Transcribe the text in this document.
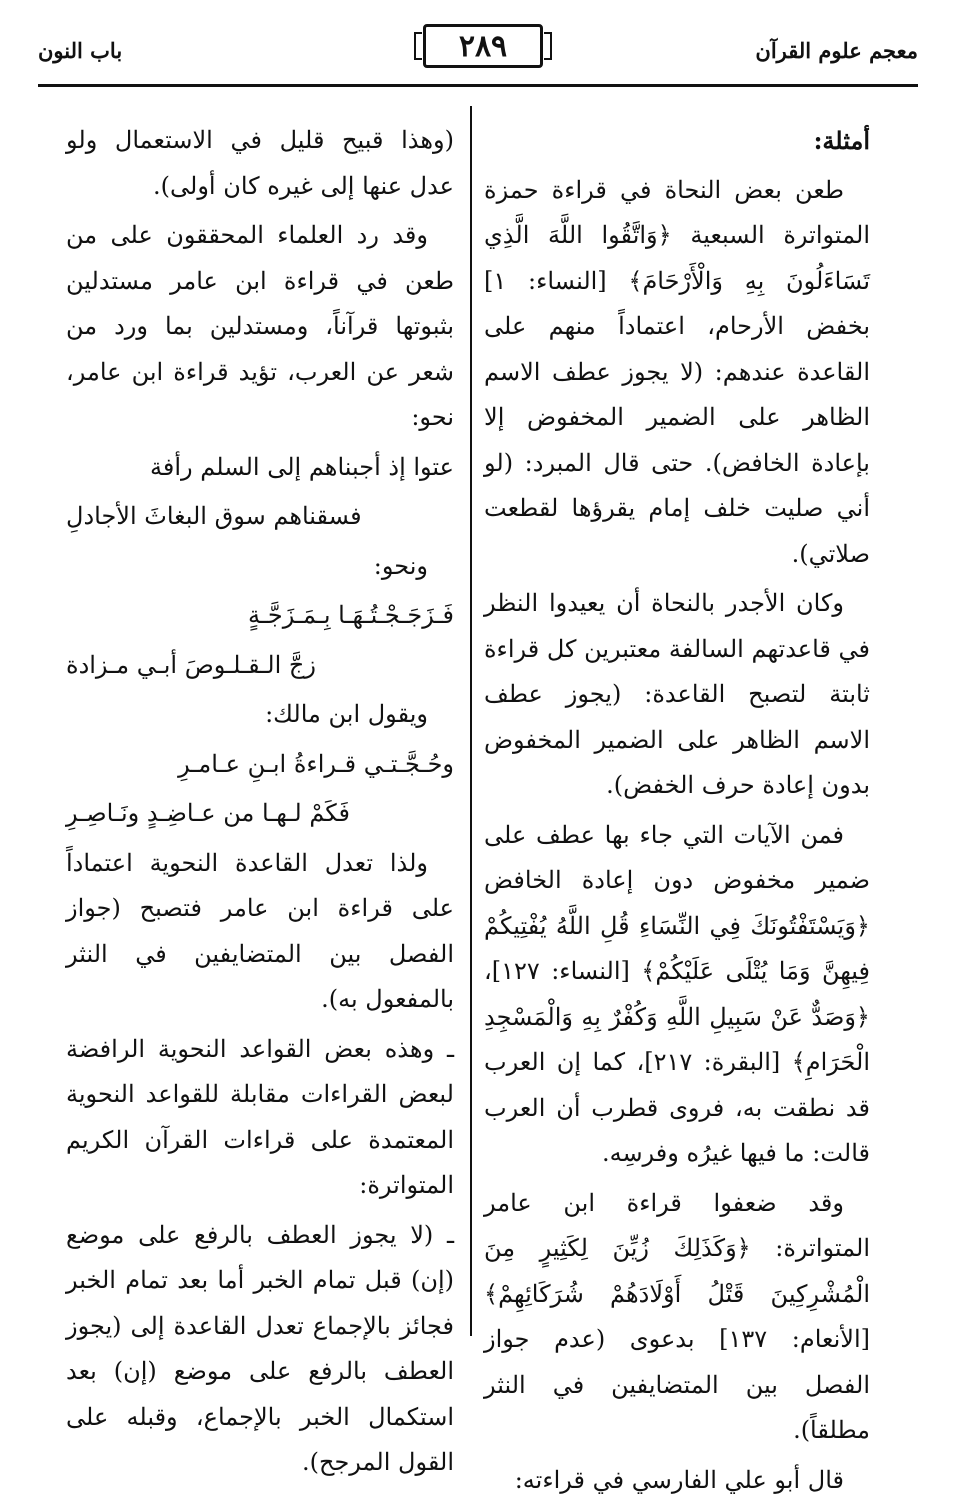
معجم علوم القرآن
٢٨٩
باب النون

أمثلة:

طعن بعض النحاة في قراءة حمزة المتواترة السبعية ﴿وَاتَّقُوا اللَّهَ الَّذِي تَسَاءَلُونَ بِهِ وَالْأَرْحَامَ﴾ [النساء: ١] بخفض الأرحام، اعتماداً منهم على القاعدة عندهم: (لا يجوز عطف الاسم الظاهر على الضمير المخفوض إلا بإعادة الخافض). حتى قال المبرد: (لو أني صليت خلف إمام يقرؤها لقطعت صلاتي).

وكان الأجدر بالنحاة أن يعيدوا النظر في قاعدتهم السالفة معتبرين كل قراءة ثابتة لتصبح القاعدة: (يجوز عطف الاسم الظاهر على الضمير المخفوض بدون إعادة حرف الخفض).

فمن الآيات التي جاء بها عطف على ضمير مخفوض دون إعادة الخافض ﴿وَيَسْتَفْتُونَكَ فِي النِّسَاءِ قُلِ اللَّهُ يُفْتِيكُمْ فِيهِنَّ وَمَا يُتْلَى عَلَيْكُمْ﴾ [النساء: ١٢٧]، ﴿وَصَدٌّ عَنْ سَبِيلِ اللَّهِ وَكُفْرٌ بِهِ وَالْمَسْجِدِ الْحَرَامِ﴾ [البقرة: ٢١٧]، كما إن العرب قد نطقت به، فروى قطرب أن العرب قالت: ما فيها غيرُه وفرسِه.

وقد ضعفوا قراءة ابن عامر المتواترة: ﴿وَكَذَلِكَ زُيِّنَ لِكَثِيرٍ مِنَ الْمُشْرِكِينَ قَتْلُ أَوْلَادَهُمْ شُرَكَائِهِمْ﴾ [الأنعام: ١٣٧] بدعوى (عدم جواز الفصل بين المتضايفين في النثر مطلقاً).

قال أبو علي الفارسي في قراءته:

(وهذا قبيح قليل في الاستعمال ولو عدل عنها إلى غيره كان أولى).

وقد رد العلماء المحققون على من طعن في قراءة ابن عامر مستدلين بثبوتها قرآناً، ومستدلين بما ورد من شعر عن العرب، تؤيد قراءة ابن عامر، نحو:

عتوا إذ أجبناهم إلى السلم رأفة

فسقناهم سوق البغاثَ الأجادلِ

ونحو:

فَـزَجَـجْـتُـهَـا بِـمَـزَجَّـةٍ

زجَّ الـقـلـوصَ أبـي مـزادة

ويقول ابن مالك:

وحُـجَّـتـي قـراءةُ ابـنِ عـامـرِ

فَكَمْ لـهـا من عـاضِـدٍ ونَـاصِـرِ

ولذا تعدل القاعدة النحوية اعتماداً على قراءة ابن عامر فتصبح (جواز الفصل بين المتضايفين في النثر بالمفعول به).

ـ وهذه بعض القواعد النحوية الرافضة لبعض القراءات مقابلة للقواعد النحوية المعتمدة على قراءات القرآن الكريم المتواترة:

ـ (لا يجوز العطف بالرفع على موضع (إن) قبل تمام الخبر أما بعد تمام الخبر فجائز بالإجماع تعدل القاعدة إلى (يجوز العطف بالرفع على موضع (إن) بعد استكمال الخبر بالإجماع، وقبله على القول المرجح).
